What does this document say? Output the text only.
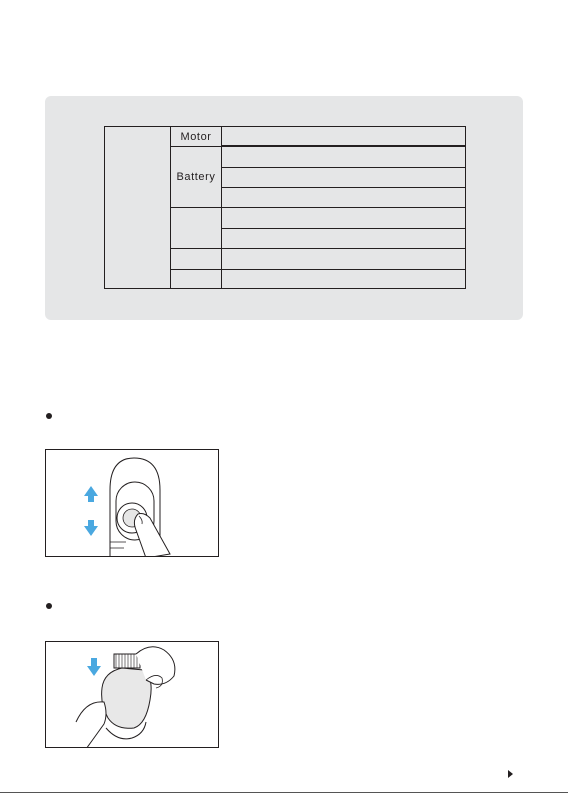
Motor
Battery
